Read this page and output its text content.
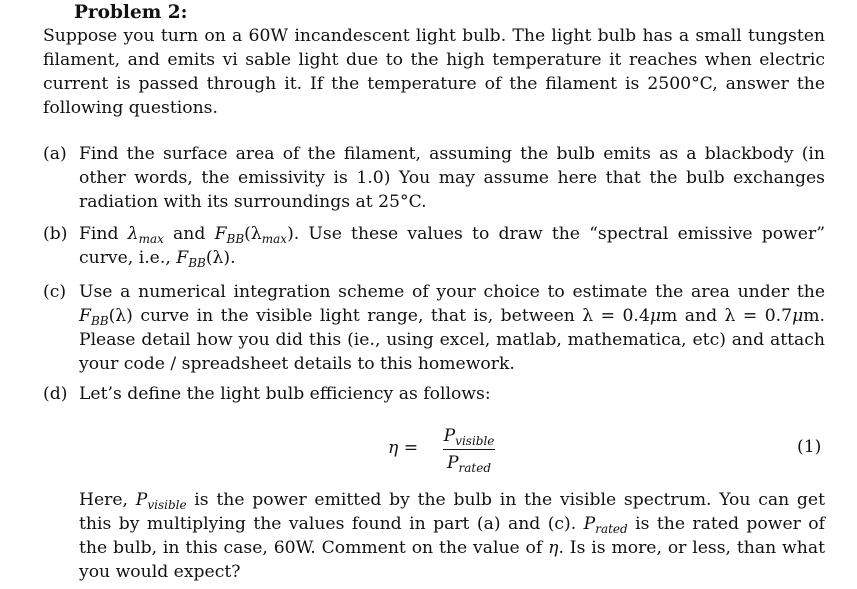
Problem 2:
Suppose you turn on a 60W incandescent light bulb. The light bulb has a small tungsten filament, and emits vi sable light due to the high temperature it reaches when electric current is passed through it. If the temperature of the filament is 2500°C, answer the following questions.
(a) Find the surface area of the filament, assuming the bulb emits as a blackbody (in other words, the emissivity is 1.0) You may assume here that the bulb exchanges radiation with its surroundings at 25°C.
(b) Find $\lambda_{max}$ and $F_{BB}(\lambda_{max})$. Use these values to draw the “spectral emissive power” curve, i.e., $F_{BB}(\lambda)$.
(c) Use a numerical integration scheme of your choice to estimate the area under the $F_{BB}(\lambda)$ curve in the visible light range, that is, between λ = 0.4μm and λ = 0.7μm. Please detail how you did this (ie., using excel, matlab, mathematica, etc) and attach your code / spreadsheet details to this homework.
(d) Let’s define the light bulb efficiency as follows:
η =
$P_{visible}$
$P_{rated}$
(1)
Here, $P_{visible}$ is the power emitted by the bulb in the visible spectrum. You can get this by multiplying the values found in part (a) and (c). $P_{rated}$ is the rated power of the bulb, in this case, 60W. Comment on the value of η. Is is more, or less, than what you would expect?
